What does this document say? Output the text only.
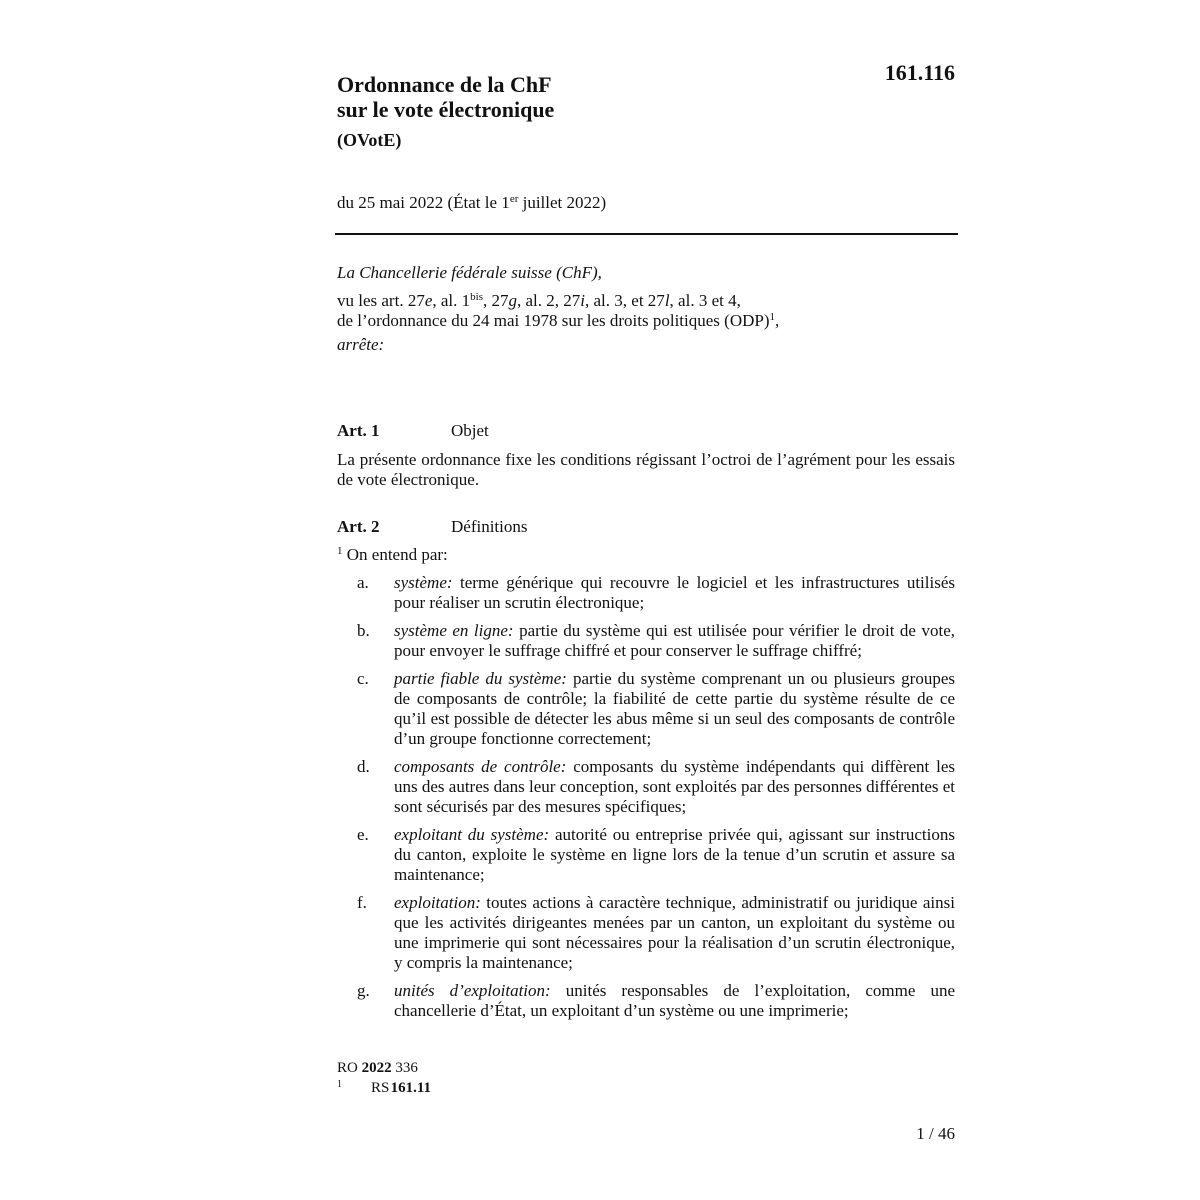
161.116
Ordonnance de la ChF
sur le vote électronique
(OVotE)
du 25 mai 2022 (État le 1er juillet 2022)
La Chancellerie fédérale suisse (ChF),
vu les art. 27e, al. $1^{bis}$, 27g, al. 2, 27i, al. 3, et 27l, al. 3 et 4,
de l’ordonnance du 24 mai 1978 sur les droits politiques (ODP)$^1$,
arrête:
Art. 1	Objet
La présente ordonnance fixe les conditions régissant l’octroi de l’agrément pour les essais de vote électronique.
Art. 2	Définitions
$^1$ On entend par:
a.	système: terme générique qui recouvre le logiciel et les infrastructures utilisés pour réaliser un scrutin électronique;
b.	système en ligne: partie du système qui est utilisée pour vérifier le droit de vote, pour envoyer le suffrage chiffré et pour conserver le suffrage chiffré;
c.	partie fiable du système: partie du système comprenant un ou plusieurs groupes de composants de contrôle; la fiabilité de cette partie du système résulte de ce qu’il est possible de détecter les abus même si un seul des composants de contrôle d’un groupe fonctionne correctement;
d.	composants de contrôle: composants du système indépendants qui diffèrent les uns des autres dans leur conception, sont exploités par des personnes différentes et sont sécurisés par des mesures spécifiques;
e.	exploitant du système: autorité ou entreprise privée qui, agissant sur instructions du canton, exploite le système en ligne lors de la tenue d’un scrutin et assure sa maintenance;
f.	exploitation: toutes actions à caractère technique, administratif ou juridique ainsi que les activités dirigeantes menées par un canton, un exploitant du système ou une imprimerie qui sont nécessaires pour la réalisation d’un scrutin électronique, y compris la maintenance;
g.	unités d’exploitation: unités responsables de l’exploitation, comme une chancellerie d’État, un exploitant d’un système ou une imprimerie;
RO 2022 336
1	RS
  161.11
1 / 46
